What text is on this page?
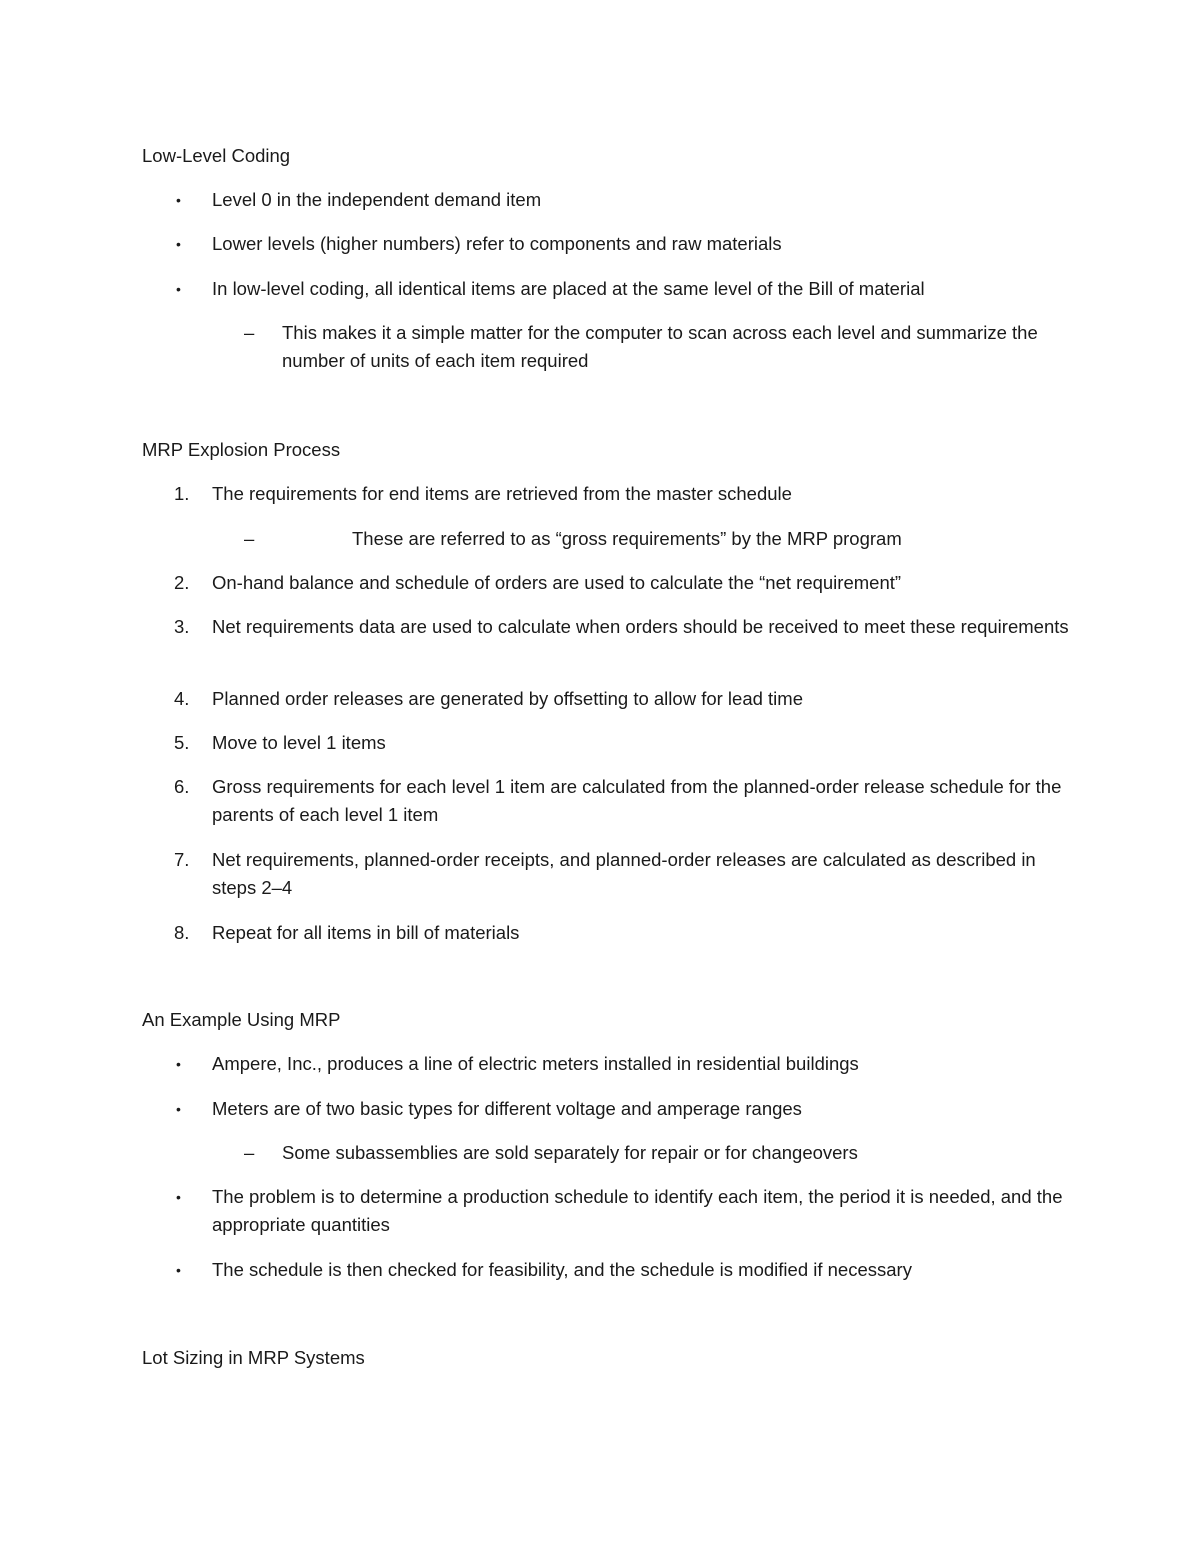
Low-Level Coding
•	Level 0 in the independent demand item
•	Lower levels (higher numbers) refer to components and raw materials
•	In low-level coding, all identical items are placed at the same level of the Bill of material
–	This makes it a simple matter for the computer to scan across each level and summarize the number of units of each item required
MRP Explosion Process
1.	The requirements for end items are retrieved from the master schedule
–	These are referred to as “gross requirements” by the MRP program
2.	On-hand balance and schedule of orders are used to calculate the “net requirement”
3.	Net requirements data are used to calculate when orders should be received to meet these requirements
4.	Planned order releases are generated by offsetting to allow for lead time
5.	Move to level 1 items
6.	Gross requirements for each level 1 item are calculated from the planned-order release schedule for the parents of each level 1 item
7.	Net requirements, planned-order receipts, and planned-order releases are calculated as described in steps 2–4
8.	Repeat for all items in bill of materials
An Example Using MRP
•	Ampere, Inc., produces a line of electric meters installed in residential buildings
•	Meters are of two basic types for different voltage and amperage ranges
–	Some subassemblies are sold separately for repair or for changeovers
•	The problem is to determine a production schedule to identify each item, the period it is needed, and the appropriate quantities
•	The schedule is then checked for feasibility, and the schedule is modified if necessary
Lot Sizing in MRP Systems
